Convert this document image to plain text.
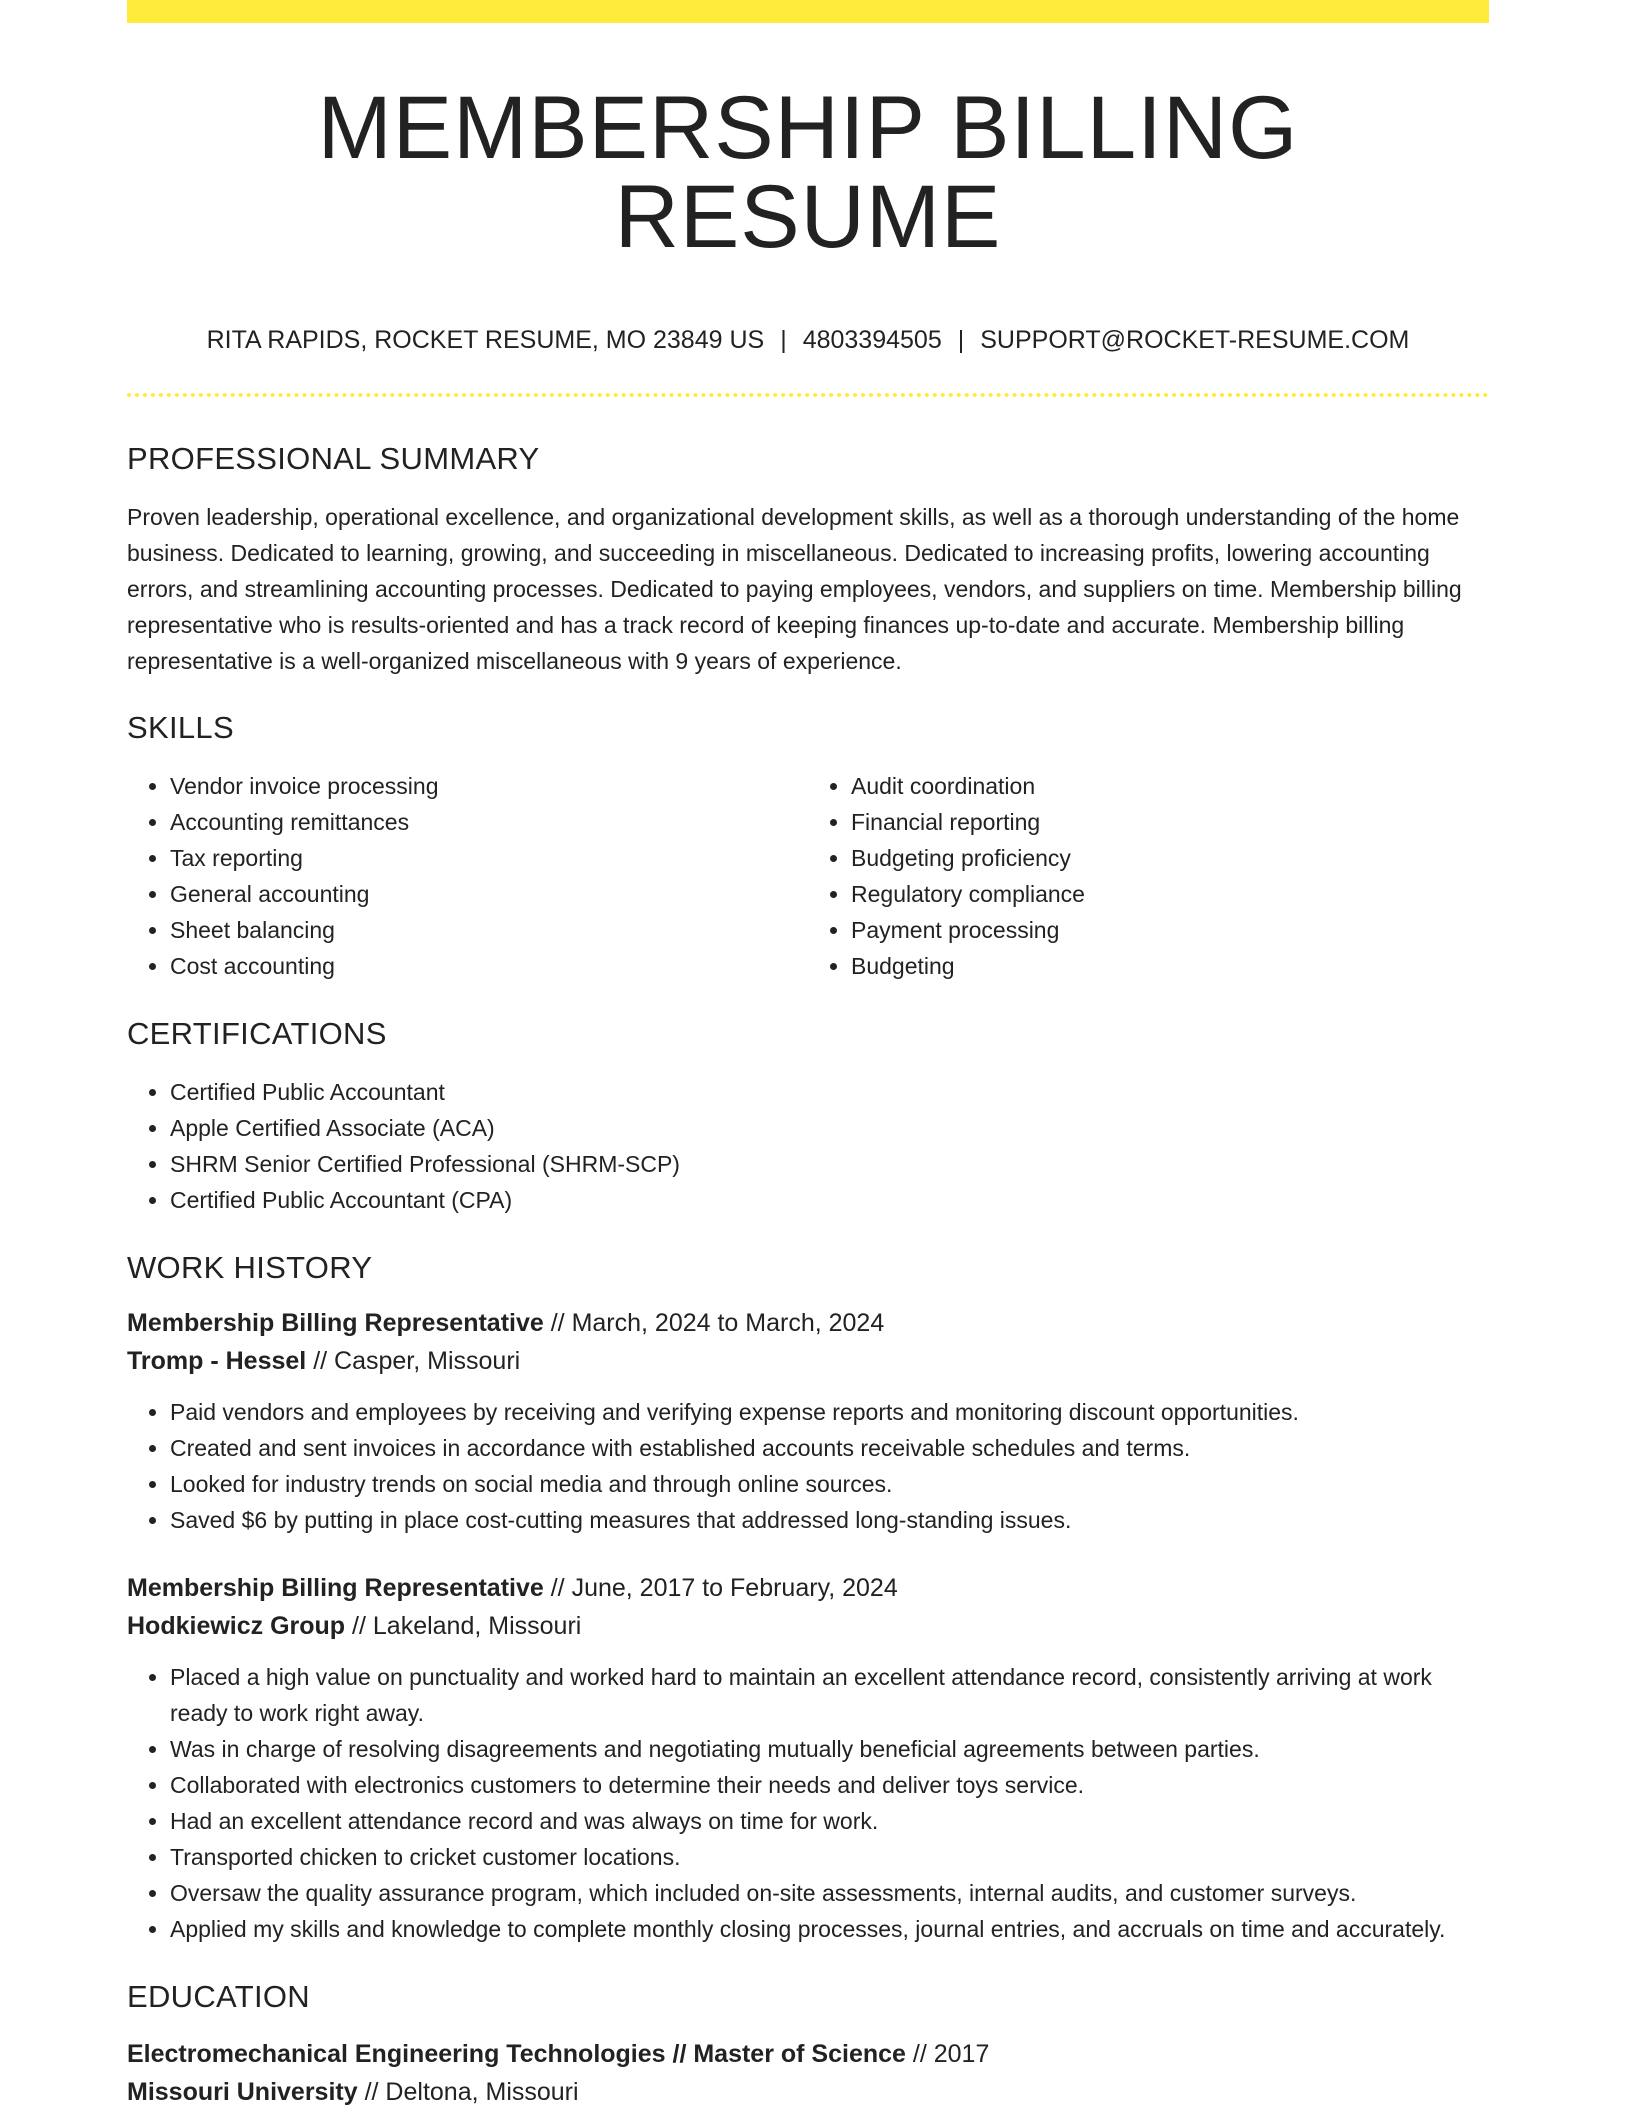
MEMBERSHIP BILLING RESUME
RITA RAPIDS, ROCKET RESUME, MO 23849 US | 4803394505 | SUPPORT@ROCKET-RESUME.COM
PROFESSIONAL SUMMARY

Proven leadership, operational excellence, and organizational development skills, as well as a thorough understanding of the home business. Dedicated to learning, growing, and succeeding in miscellaneous. Dedicated to increasing profits, lowering accounting errors, and streamlining accounting processes. Dedicated to paying employees, vendors, and suppliers on time. Membership billing representative who is results-oriented and has a track record of keeping finances up-to-date and accurate. Membership billing representative is a well-organized miscellaneous with 9 years of experience.

SKILLS
• Vendor invoice processing
• Accounting remittances
• Tax reporting
• General accounting
• Sheet balancing
• Cost accounting
• Audit coordination
• Financial reporting
• Budgeting proficiency
• Regulatory compliance
• Payment processing
• Budgeting
CERTIFICATIONS
• Certified Public Accountant
• Apple Certified Associate (ACA)
• SHRM Senior Certified Professional (SHRM-SCP)
• Certified Public Accountant (CPA)
WORK HISTORY
Membership Billing Representative // March, 2024 to March, 2024
Tromp - Hessel // Casper, Missouri
• Paid vendors and employees by receiving and verifying expense reports and monitoring discount opportunities.
• Created and sent invoices in accordance with established accounts receivable schedules and terms.
• Looked for industry trends on social media and through online sources.
• Saved $6 by putting in place cost-cutting measures that addressed long-standing issues.
Membership Billing Representative // June, 2017 to February, 2024
Hodkiewicz Group // Lakeland, Missouri
• Placed a high value on punctuality and worked hard to maintain an excellent attendance record, consistently arriving at work ready to work right away.
• Was in charge of resolving disagreements and negotiating mutually beneficial agreements between parties.
• Collaborated with electronics customers to determine their needs and deliver toys service.
• Had an excellent attendance record and was always on time for work.
• Transported chicken to cricket customer locations.
• Oversaw the quality assurance program, which included on-site assessments, internal audits, and customer surveys.
• Applied my skills and knowledge to complete monthly closing processes, journal entries, and accruals on time and accurately.
EDUCATION
Electromechanical Engineering Technologies // Master of Science // 2017
Missouri University // Deltona, Missouri
